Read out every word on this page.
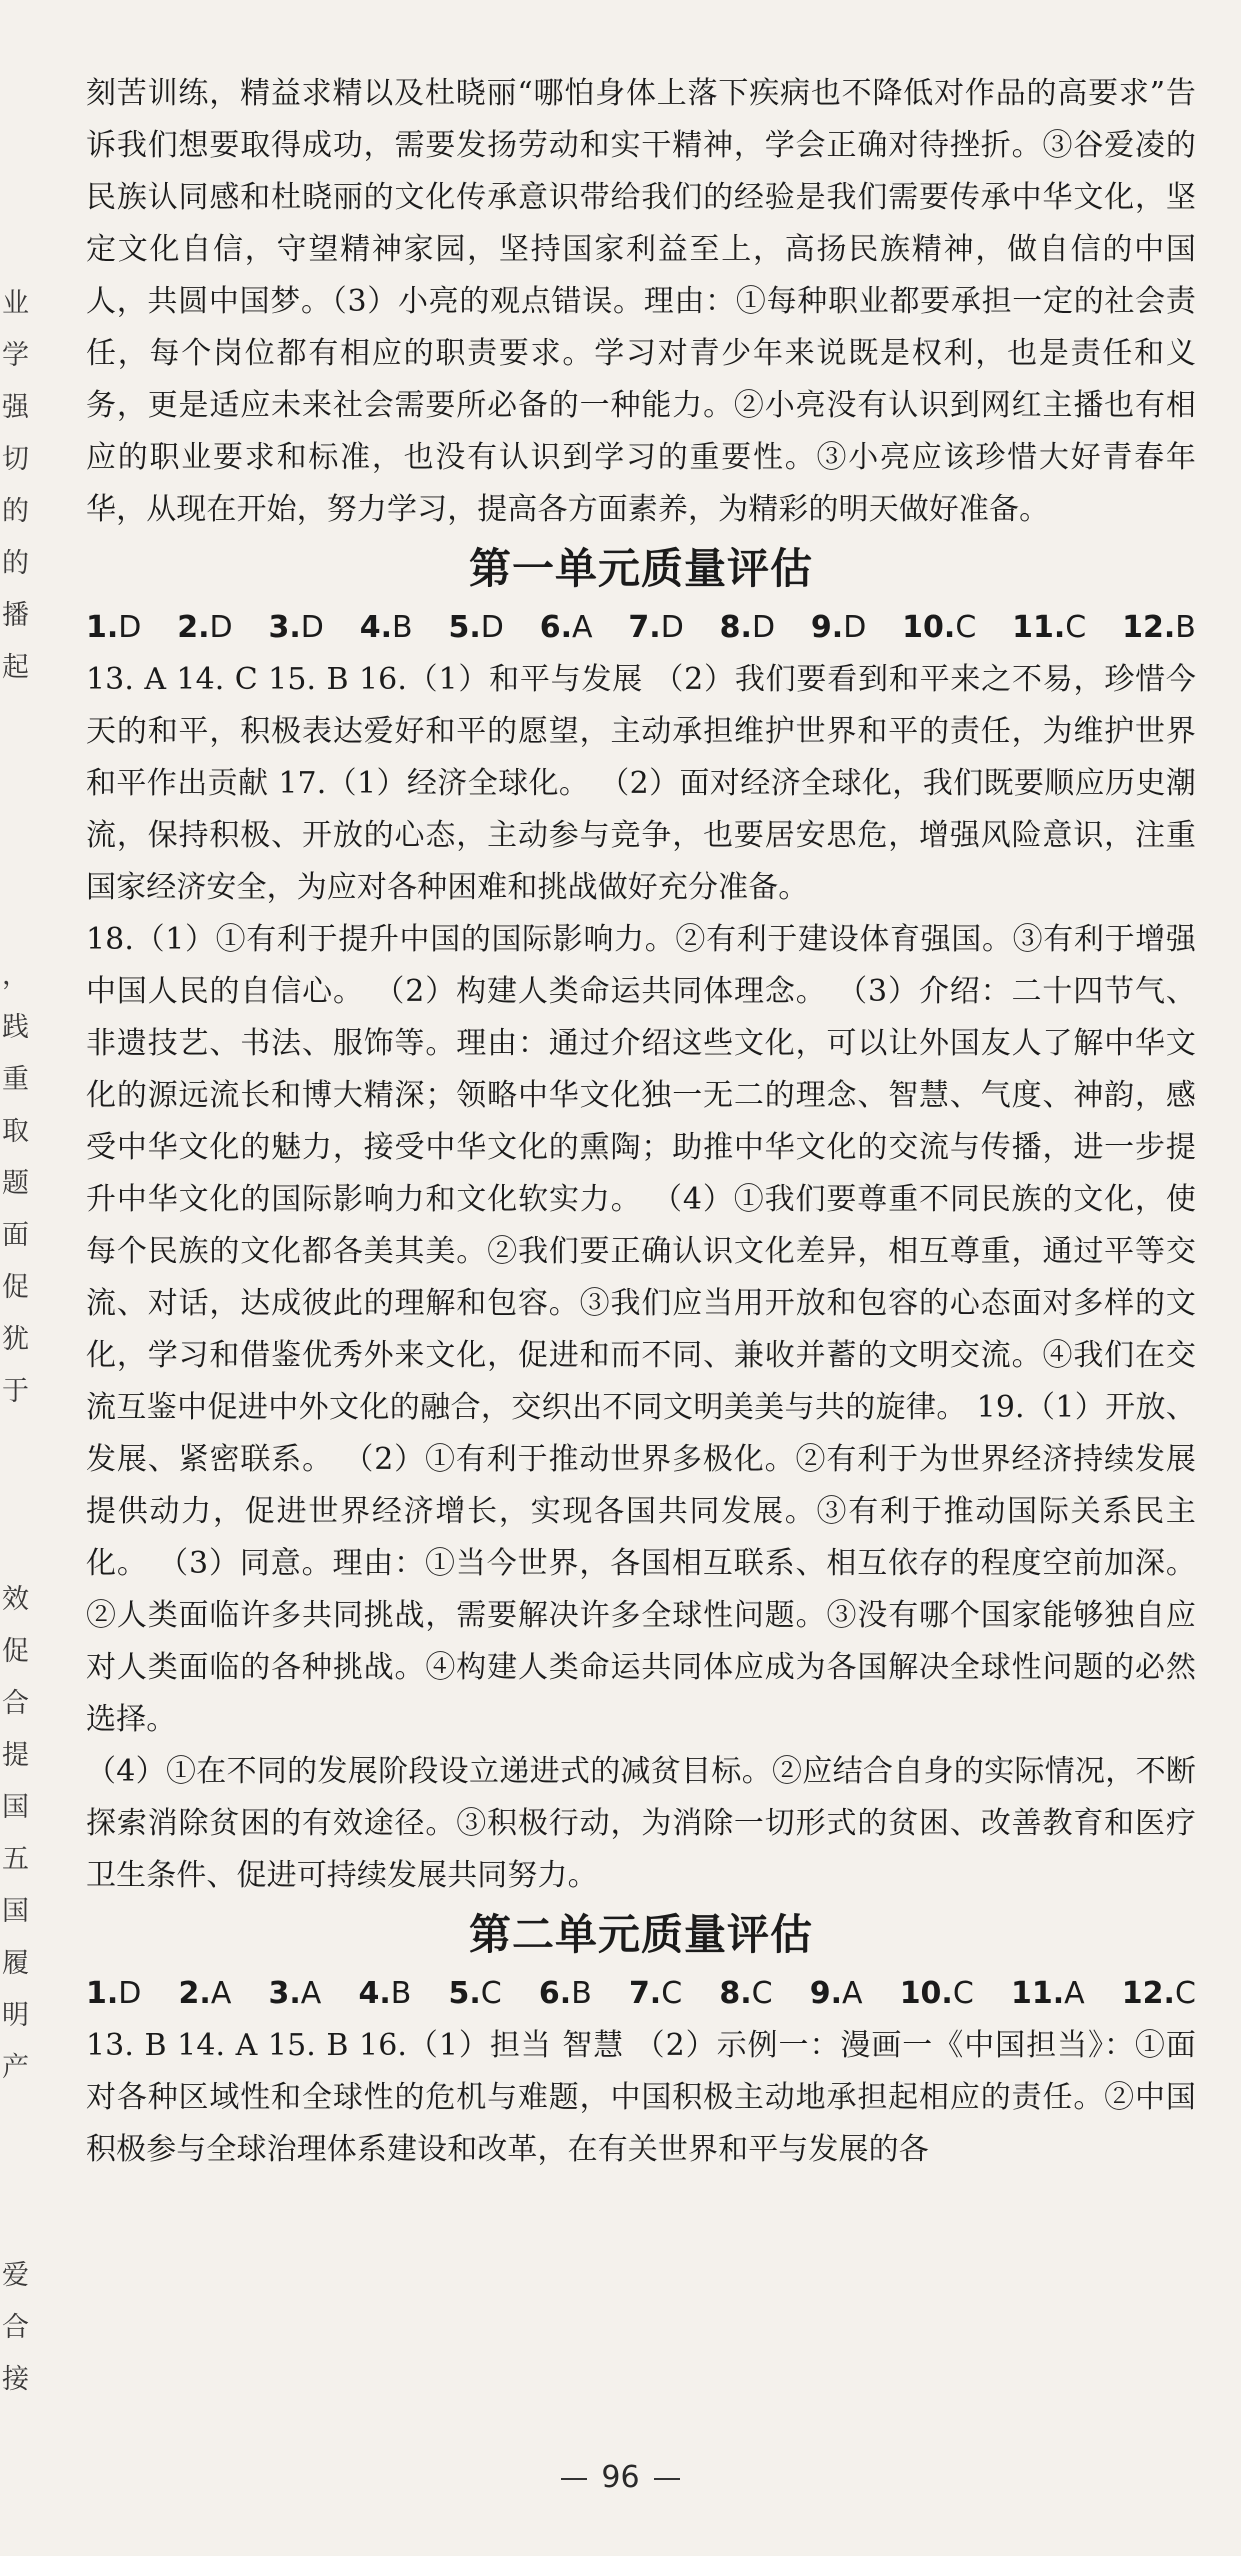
业
学
强
切
的
的
播
起
，
践
重
取
题
面
促
犹
于
效
促
合
提
国
五
国
履
明
产
爱
合
接

刻苦训练，精益求精以及杜晓丽“哪怕身体上落下疾病也不降低对作品的高要求”告诉我们想要取得成功，需要发扬劳动和实干精神，学会正确对待挫折。③谷爱凌的民族认同感和杜晓丽的文化传承意识带给我们的经验是我们需要传承中华文化，坚定文化自信，守望精神家园，坚持国家利益至上，高扬民族精神，做自信的中国人，共圆中国梦。（3）小亮的观点错误。理由：①每种职业都要承担一定的社会责任，每个岗位都有相应的职责要求。学习对青少年来说既是权利，也是责任和义务，更是适应未来社会需要所必备的一种能力。②小亮没有认识到网红主播也有相应的职业要求和标准，也没有认识到学习的重要性。③小亮应该珍惜大好青春年华，从现在开始，努力学习，提高各方面素养，为精彩的明天做好准备。

第一单元质量评估
1.D 2.D 3.D 4.B 5.D 6.A 7.D 8.D 9.D 10.C 11.C 12.B

13. A 14. C 15. B 16.（1）和平与发展 （2）我们要看到和平来之不易，珍惜今天的和平，积极表达爱好和平的愿望，主动承担维护世界和平的责任，为维护世界和平作出贡献 17.（1）经济全球化。 （2）面对经济全球化，我们既要顺应历史潮流，保持积极、开放的心态，主动参与竞争，也要居安思危，增强风险意识，注重国家经济安全，为应对各种困难和挑战做好充分准备。

18.（1）①有利于提升中国的国际影响力。②有利于建设体育强国。③有利于增强中国人民的自信心。 （2）构建人类命运共同体理念。 （3）介绍：二十四节气、非遗技艺、书法、服饰等。理由：通过介绍这些文化，可以让外国友人了解中华文化的源远流长和博大精深；领略中华文化独一无二的理念、智慧、气度、神韵，感受中华文化的魅力，接受中华文化的熏陶；助推中华文化的交流与传播，进一步提升中华文化的国际影响力和文化软实力。 （4）①我们要尊重不同民族的文化，使每个民族的文化都各美其美。②我们要正确认识文化差异，相互尊重，通过平等交流、对话，达成彼此的理解和包容。③我们应当用开放和包容的心态面对多样的文化，学习和借鉴优秀外来文化，促进和而不同、兼收并蓄的文明交流。④我们在交流互鉴中促进中外文化的融合，交织出不同文明美美与共的旋律。 19.（1）开放、发展、紧密联系。 （2）①有利于推动世界多极化。②有利于为世界经济持续发展提供动力，促进世界经济增长，实现各国共同发展。③有利于推动国际关系民主化。 （3）同意。理由：①当今世界，各国相互联系、相互依存的程度空前加深。②人类面临许多共同挑战，需要解决许多全球性问题。③没有哪个国家能够独自应对人类面临的各种挑战。④构建人类命运共同体应成为各国解决全球性问题的必然选择。

（4）①在不同的发展阶段设立递进式的减贫目标。②应结合自身的实际情况，不断探索消除贫困的有效途径。③积极行动，为消除一切形式的贫困、改善教育和医疗卫生条件、促进可持续发展共同努力。

第二单元质量评估
1.D 2.A 3.A 4.B 5.C 6.B 7.C 8.C 9.A 10.C 11.A 12.C

13. B 14. A 15. B 16.（1）担当 智慧 （2）示例一：漫画一《中国担当》：①面对各种区域性和全球性的危机与难题，中国积极主动地承担起相应的责任。②中国积极参与全球治理体系建设和改革，在有关世界和平与发展的各

96
